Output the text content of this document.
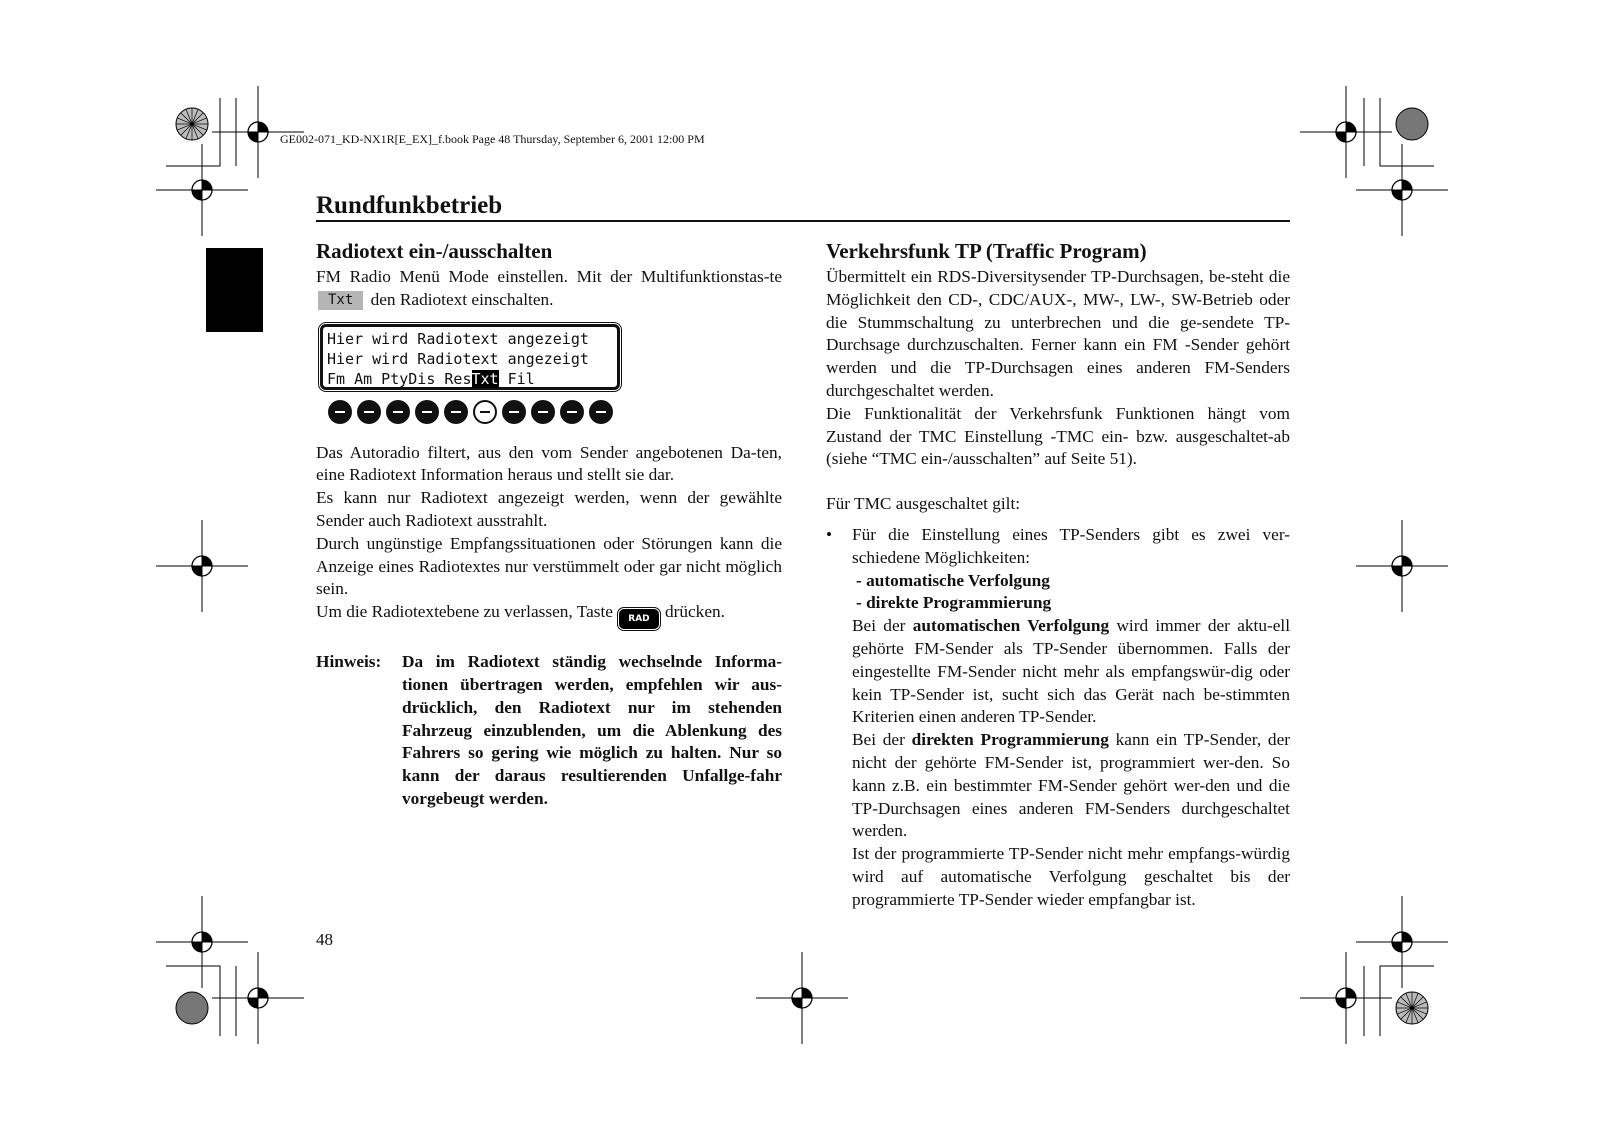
GE002-071_KD-NX1R[E_EX]_f.book Page 48 Thursday, September 6, 2001 12:00 PM
Rundfunkbetrieb
Radiotext ein-/ausschalten

FM Radio Menü Mode einstellen. Mit der Multifunktionstas-te Txt den Radiotext einschalten.

Hier wird Radiotext angezeigt
Hier wird Radiotext angezeigt
Fm Am PtyDis ResTxt Fil

Das Autoradio filtert, aus den vom Sender angebotenen Da-ten, eine Radiotext Information heraus und stellt sie dar.

Es kann nur Radiotext angezeigt werden, wenn der gewählte Sender auch Radiotext ausstrahlt.

Durch ungünstige Empfangssituationen oder Störungen kann die Anzeige eines Radiotextes nur verstümmelt oder gar nicht möglich sein.

Um die Radiotextebene zu verlassen, Taste RAD drücken.

Hinweis:	Da im Radiotext ständig wechselnde Informa-tionen übertragen werden, empfehlen wir aus-drücklich, den Radiotext nur im stehenden Fahrzeug einzublenden, um die Ablenkung des Fahrers so gering wie möglich zu halten. Nur so kann der daraus resultierenden Unfallge-fahr vorgebeugt werden.
Verkehrsfunk TP (Traffic Program)

Übermittelt ein RDS-Diversitysender TP-Durchsagen, be-steht die Möglichkeit den CD-, CDC/AUX-, MW-, LW-, SW-Betrieb oder die Stummschaltung zu unterbrechen und die ge-sendete TP-Durchsage durchzuschalten. Ferner kann ein FM -Sender gehört werden und die TP-Durchsagen eines anderen FM-Senders durchgeschaltet werden.

Die Funktionalität der Verkehrsfunk Funktionen hängt vom Zustand der TMC Einstellung -TMC ein- bzw. ausgeschaltet-ab (siehe “TMC ein-/ausschalten” auf Seite 51).

Für TMC ausgeschaltet gilt:

•	Für die Einstellung eines TP-Senders gibt es zwei ver-schiedene Möglichkeiten:

- automatische Verfolgung

- direkte Programmierung

Bei der automatischen Verfolgung wird immer der aktu-ell gehörte FM-Sender als TP-Sender übernommen. Falls der eingestellte FM-Sender nicht mehr als empfangswür-dig oder kein TP-Sender ist, sucht sich das Gerät nach be-stimmten Kriterien einen anderen TP-Sender.

Bei der direkten Programmierung kann ein TP-Sender, der nicht der gehörte FM-Sender ist, programmiert wer-den. So kann z.B. ein bestimmter FM-Sender gehört wer-den und die TP-Durchsagen eines anderen FM-Senders durchgeschaltet werden.

Ist der programmierte TP-Sender nicht mehr empfangs-würdig wird auf automatische Verfolgung geschaltet bis der programmierte TP-Sender wieder empfangbar ist.

48
